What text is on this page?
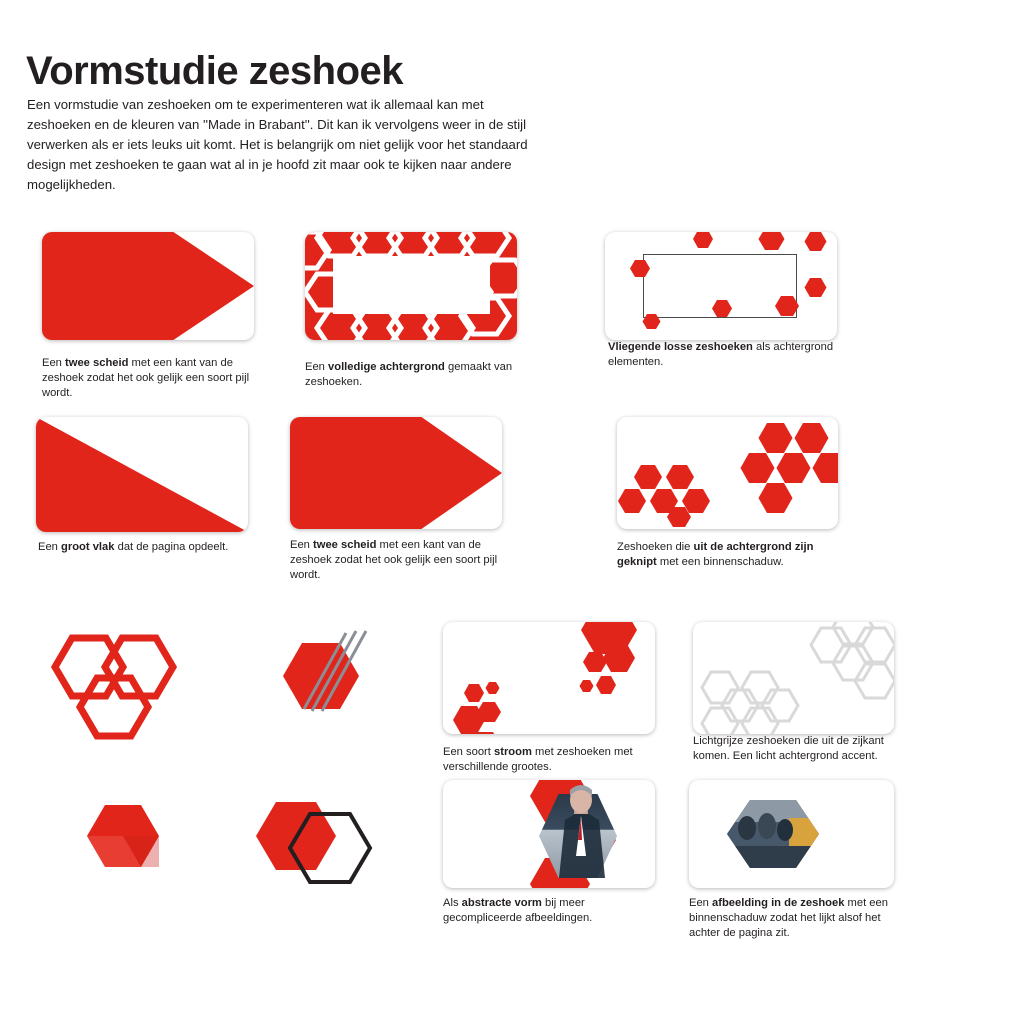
Vormstudie zeshoek

Een vormstudie van zeshoeken om te experimenteren wat ik allemaal kan met zeshoeken en de kleuren van ''Made in Brabant''. Dit kan ik vervolgens weer in de stijl verwerken als er iets leuks uit komt. Het is belangrijk om niet gelijk voor het standaard design met zeshoeken te gaan wat al in je hoofd zit maar ook te kijken naar andere mogelijkheden.

Een twee scheid met een kant van de zeshoek zodat het ook gelijk een soort pijl wordt.
Een volledige achtergrond gemaakt van zeshoeken.
Vliegende losse zeshoeken als achtergrond elementen.
Een groot vlak dat de pagina opdeelt.	Een twee scheid met een kant van de zeshoek zodat het ook gelijk een soort pijl wordt.
Zeshoeken die uit de achtergrond zijn geknipt met een binnenschaduw.
Een soort stroom met zeshoeken met verschillende grootes.
Lichtgrijze zeshoeken die uit de zijkant komen. Een licht achtergrond accent.
Als abstracte vorm bij meer gecompliceerde afbeeldingen.
Een afbeelding in de zeshoek met een binnenschaduw zodat het lijkt alsof het achter de pagina zit.
